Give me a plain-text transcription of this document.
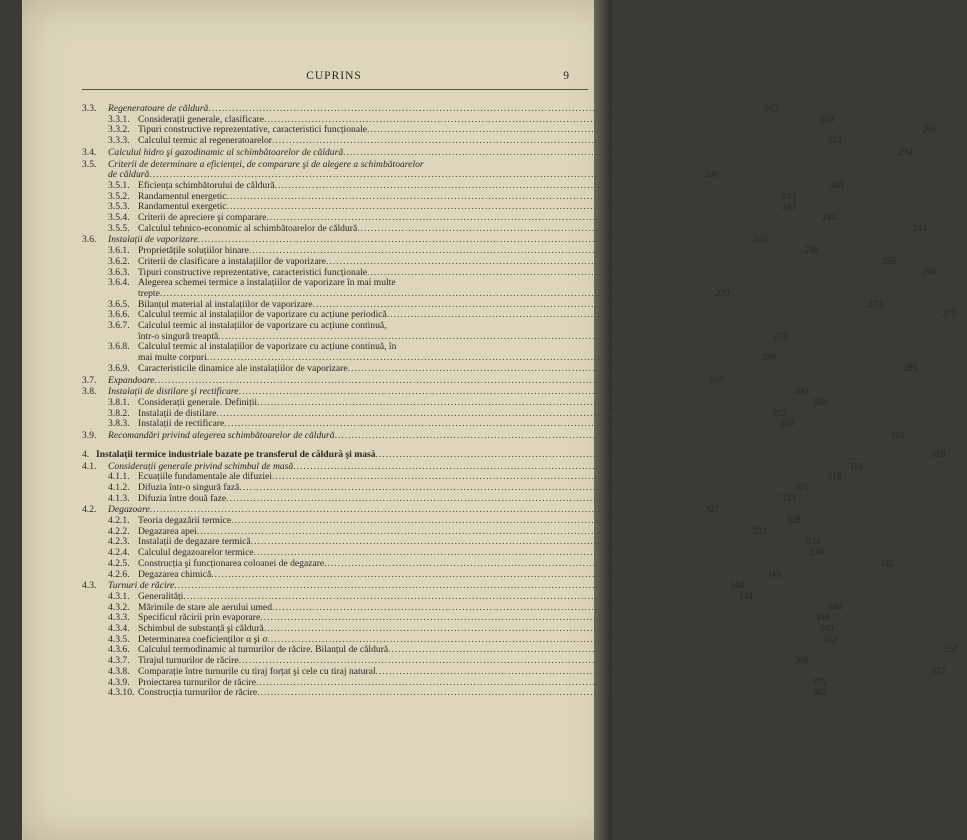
CUPRINS	9
3.3.	Regeneratoare de căldură .....	203
3.3.1. Considerații generale, clasificare .....	203
3.3.2. Tipuri constructive reprezentative, caracteristici funcționale .....	205
3.3.3. Calculul termic al regeneratoarelor .....	222
3.4.	Calculul hidro şi gazodinamic al schimbătoarelor de căldură .....	234
3.5.	Criterii de determinare a eficienței, de comparare şi de alegere a schimbătoarelor
de căldură .....	240
3.5.1. Eficiența schimbătorului de căldură .....	241
3.5.2. Randamentul energetic .....	243
3.5.3. Randamentul exergetic .....	243
3.5.4. Criterii de apreciere şi comparare .....	244
3.5.5. Calculul tehnico-economic al schimbătoarelor de căldură .....	244
3.6.	Instalații de vaporizare .....	245
3.6.1. Proprietățile soluțiilor binare .....	246
3.6.2. Criterii de clasificare a instalațiilor de vaporizare .....	256
3.6.3. Tipuri constructive reprezentative, caracteristici funcționale .....	260
3.6.4. Alegerea schemei termice a instalațiilor de vaporizare în mai multe
trepte .....	270
3.6.5. Bilanțul material al instalațiilor de vaporizare .....	273
3.6.6. Calculul termic al instalațiilor de vaporizare cu acțiune periodică .....	275
3.6.7. Calculul termic al instalațiilor de vaporizare cu acțiune continuă,
într-o singură treaptă .....	279
3.6.8. Calculul termic al instalațiilor de vaporizare cu acțiune continuă, în
mai multe corpuri .....	280
3.6.9. Caracteristicile dinamice ale instalațiilor de vaporizare .....	289
3.7.	Expandoare .....	297
3.8.	Instalații de distilare şi rectificare .....	300
3.8.1. Considerații generale. Definiții .....	300
3.8.2. Instalații de distilare .....	302
3.8.3. Instalații de rectificare .....	305
3.9.	Recomandări privind alegerea schimbătoarelor de căldură .....	314
4. Instalații termice industriale bazate pe transferul de căldură şi masă .....	318
4.1.	Considerații generale privind schimbul de masă .....	318
4.1.1. Ecuațiile fundamentale ale difuziei .....	318
4.1.2. Difuzia într-o singură fază .....	321
4.1.3. Difuzia între două faze .....	323
4.2.	Degazoare .....	327
4.2.1. Teoria degazării termice .....	328
4.2.2. Degazarea apei .....	332
4.2.3. Instalații de degazare termică .....	334
4.2.4. Calculul degazoarelor termice .....	339
4.2.5. Construcția şi funcționarea coloanei de degazare .....	342
4.2.6. Degazarea chimică .....	343
4.3.	Turnuri de răcire .....	344
4.3.1. Generalități .....	344
4.3.2. Mărimile de stare ale aerului umed .....	346
4.3.3. Specificul răcirii prin evaporare .....	348
4.3.4. Schimbul de substanță şi căldură .....	349
4.3.5. Determinarea coeficienților α şi σ .....	352
4.3.6. Calculul termodinamic al turnurilor de răcire. Bilanțul de căldură .....	357
4.3.7. Tirajul turnurilor de răcire .....	368
4.3.8. Comparație între turnurile cu tiraj forțat şi cele cu tiraj natural .....	372
4.3.9. Proiectarea turnurilor de răcire .....	375
4.3.10. Construcția turnurilor de răcire .....	382
